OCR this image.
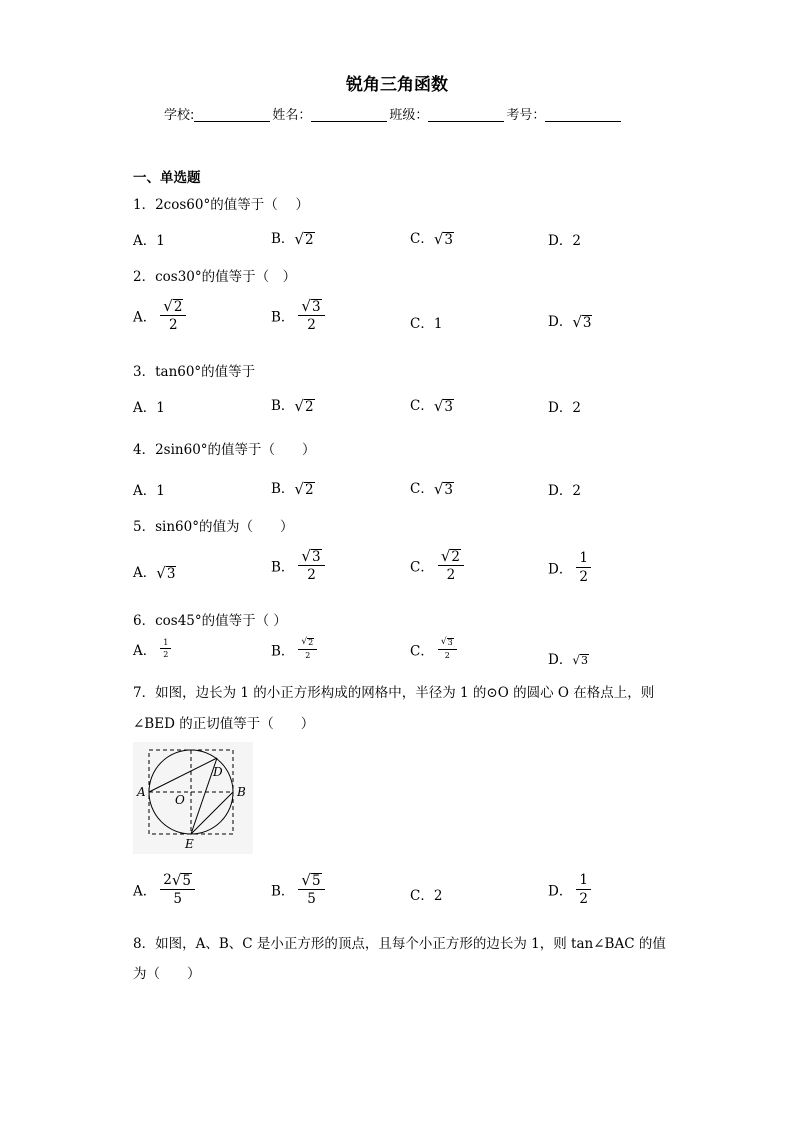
锐角三角函数
学校:	姓名：	班级：	考号：
一、单选题
1．2cos60°的值等于（　 ）
A．1	B． √ 2	C． √ 3	D．2
2．cos30°的值等于（　）
A． $\frac{√ 2}{2}$	B． $\frac{√ 3}{2}$	C．1	D． √ 3
3．tan60°的值等于
A．1	B． √ 2	C． √ 3	D．2
4．2sin60°的值等于（　　）
A．1	B． √ 2	C． √ 3	D．2
5．sin60°的值为（　　）
A． √ 3	B． $\frac{√ 3}{2}$	C． $\frac{√ 2}{2}$	D． $\frac{1}{2}$
6．cos45°的值等于（ ）
A． $\frac{1}{2}$	B． $\frac{√ 2}{2}$	C． $\frac{√ 3}{2}$
D． √ 3
7．如图，边长为 1 的小正方形构成的网格中，半径为 1 的⊙O 的圆心 O 在格点上，则
∠BED 的正切值等于（　　）
A	B
D
O
E
A． $\frac{2 √ 5}{5}$	B． $\frac{√ 5}{5}$	C．2	D． $\frac{1}{2}$
8．如图，A、B、C 是小正方形的顶点，且每个小正方形的边长为 1，则 tan∠BAC 的值
为（　　）
